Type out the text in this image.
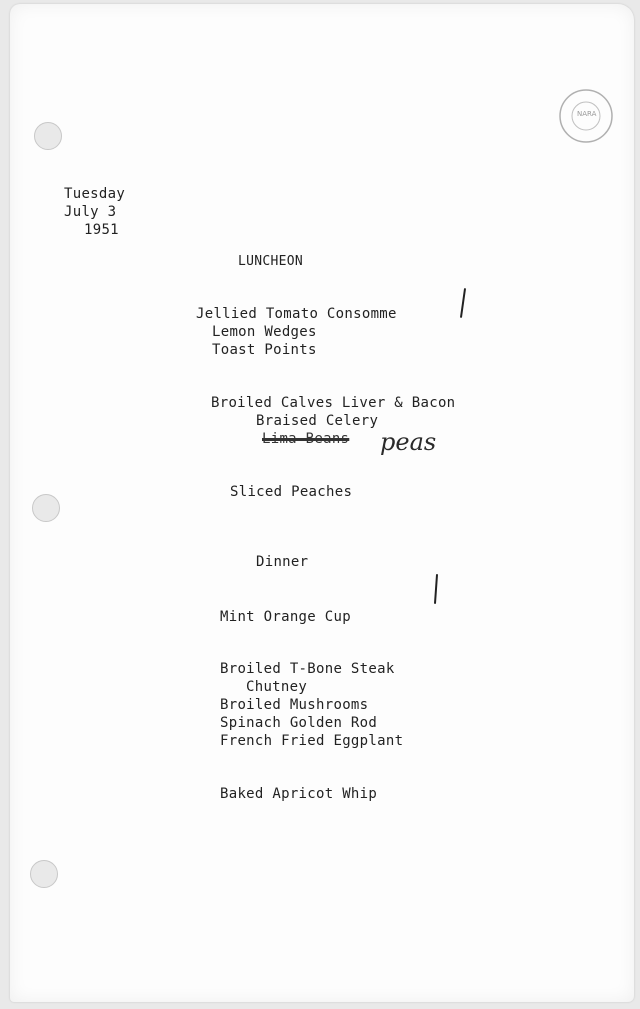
NARA

Tuesday

July 3

1951

LUNCHEON

Jellied Tomato Consomme

Lemon Wedges

Toast Points

Broiled Calves Liver & Bacon

Braised Celery

Lima Beans peas

Sliced Peaches

Dinner

Mint Orange Cup

Broiled T-Bone Steak

Chutney

Broiled Mushrooms

Spinach Golden Rod

French Fried Eggplant

Baked Apricot Whip
